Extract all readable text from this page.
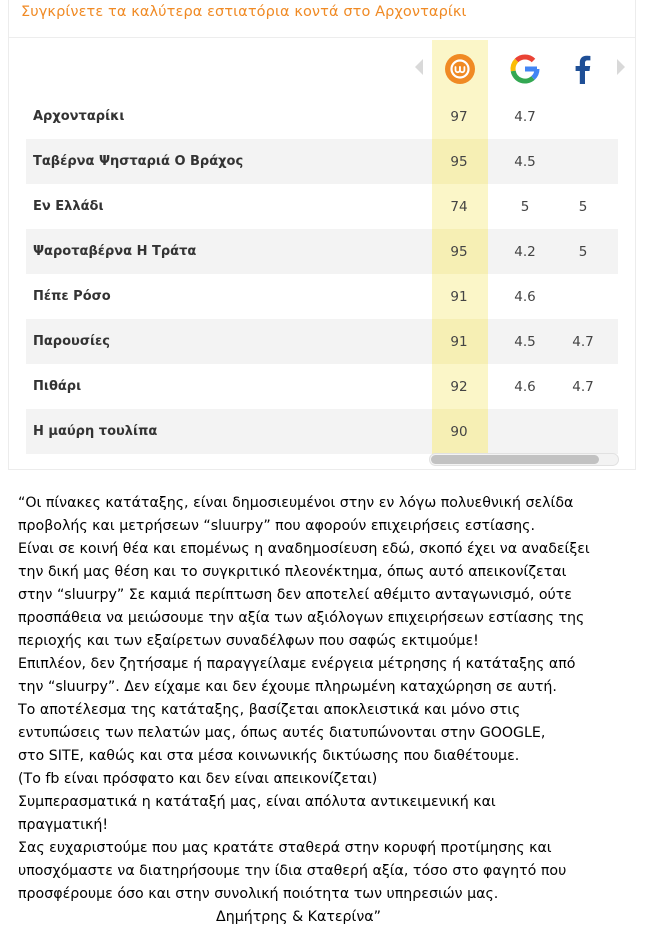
Συγκρίνετε τα καλύτερα εστιατόρια κοντά στο Αρχονταρίκι
Αρχονταρίκι	97	4.7
Ταβέρνα Ψησταριά Ο Βράχος	95	4.5
Εν Ελλάδι	74	5	5
Ψαροταβέρνα Η Τράτα	95	4.2	5
Πέπε Ρόσο	91	4.6
Παρουσίες	91	4.5	4.7
Πιθάρι	92	4.6	4.7
Η μαύρη τουλίπα	90
“Οι πίνακες κατάταξης, είναι δημοσιευμένοι στην εν λόγω πολυεθνική σελίδα
προβολής και μετρήσεων “sluurpy” που αφορούν επιχειρήσεις εστίασης.
Είναι σε κοινή θέα και επομένως η αναδημοσίευση εδώ, σκοπό έχει να αναδείξει
την δική μας θέση και το συγκριτικό πλεονέκτημα, όπως αυτό απεικονίζεται
στην “sluurpy” Σε καμιά περίπτωση δεν αποτελεί αθέμιτο ανταγωνισμό, ούτε
προσπάθεια να μειώσουμε την αξία των αξιόλογων επιχειρήσεων εστίασης της
περιοχής και των εξαίρετων συναδέλφων που σαφώς εκτιμούμε!
Επιπλέον, δεν ζητήσαμε ή παραγγείλαμε ενέργεια μέτρησης ή κατάταξης από
την “sluurpy”. Δεν είχαμε και δεν έχουμε πληρωμένη καταχώρηση σε αυτή.
Το αποτέλεσμα της κατάταξης, βασίζεται αποκλειστικά και μόνο στις
εντυπώσεις των πελατών μας, όπως αυτές διατυπώνονται στην GOOGLE,
στο SITE, καθώς και στα μέσα κοινωνικής δικτύωσης που διαθέτουμε.
(Το fb είναι πρόσφατο και δεν είναι απεικονίζεται)
Συμπερασματικά η κατάταξή μας, είναι απόλυτα αντικειμενική και
πραγματική!
Σας ευχαριστούμε που μας κρατάτε σταθερά στην κορυφή προτίμησης και
υποσχόμαστε να διατηρήσουμε την ίδια σταθερή αξία, τόσο στο φαγητό που
προσφέρουμε όσο και στην συνολική ποιότητα των υπηρεσιών μας.
Δημήτρης & Κατερίνα”
